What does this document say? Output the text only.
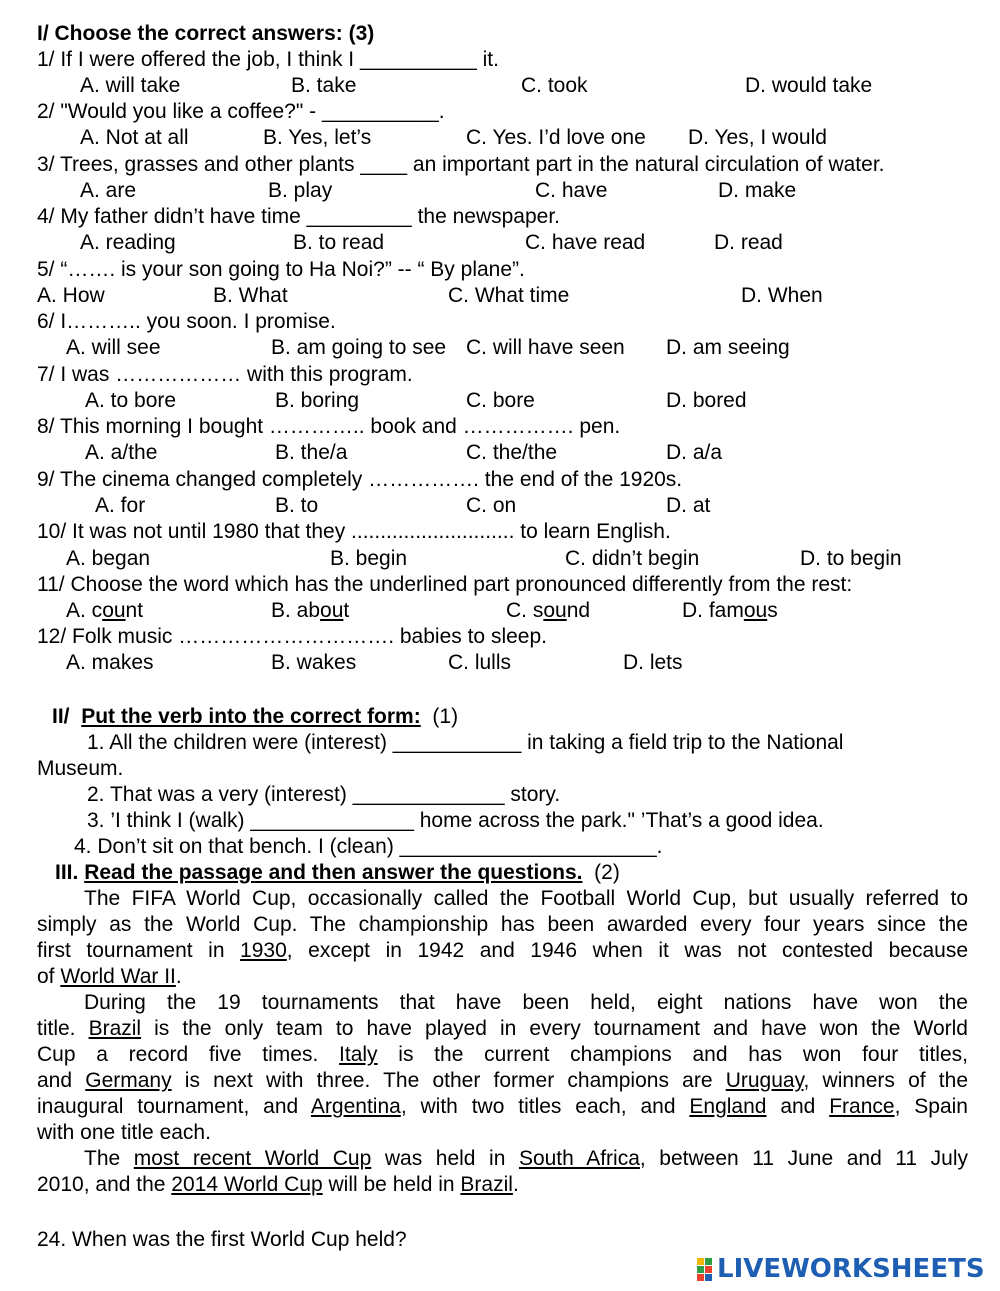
I/ Choose the correct answers: (3)
1/ If I were offered the job, I think I __________ it.
A. will take	B. take	C. took	D. would take
2/ "Would you like a coffee?" - __________.
A. Not at all	B. Yes, let’s	C. Yes. I’d love one D. Yes, I would
3/ Trees, grasses and other plants ____ an important part in the natural circulation of water.
A. are	B. play	C. have	D. make
4/ My father didn’t have time _________ the newspaper.
A. reading	B. to read	C. have read	D. read
5/ “……. is your son going to Ha Noi?” -- “ By plane”.
A. How	B. What	C. What time	D. When
6/ I……….. you soon. I promise.
A. will see	B. am going to see C. will have seen D. am seeing
7/ I was ……………… with this program.
A. to bore	B. boring	C. bore	D. bored
8/ This morning I bought ………….. book and ……………. pen.
A. a/the	B. the/a	C. the/the	D. a/a
9/ The cinema changed completely ……………. the end of the 1920s.
A. for	B. to	C. on	D. at
10/ It was not until 1980 that they ............................ to learn English.
A. began	B. begin	C. didn’t begin	D. to begin
11/ Choose the word which has the underlined part pronounced differently from the rest:
A. count	B. about	C. sound	D. famous
12/ Folk music …………………………. babies to sleep.
A. makes	B. wakes	C. lulls	D. lets
II/ Put the verb into the correct form: (1)
1. All the children were (interest) ___________ in taking a field trip to the National
Museum.
2. That was a very (interest) _____________ story.
3. ’I think I (walk) ______________ home across the park." ’That’s a good idea.
4. Don’t sit on that bench. I (clean) ______________________.
III. Read the passage and then answer the questions. (2)
The FIFA World Cup, occasionally called the Football World Cup, but usually referred to
simply as the World Cup. The championship has been awarded every four years since the
first tournament in 1930, except in 1942 and 1946 when it was not contested because
of World War II.
During the 19 tournaments that have been held, eight nations have won the
title. Brazil is the only team to have played in every tournament and have won the World
Cup a record five times. Italy is the current champions and has won four titles,
and Germany is next with three. The other former champions are Uruguay, winners of the
inaugural tournament, and Argentina, with two titles each, and England and France, Spain
with one title each.
The most recent World Cup was held in South Africa, between 11 June and 11 July
2010, and the 2014 World Cup will be held in Brazil.
24. When was the first World Cup held?
LIVEWORKSHEETS
